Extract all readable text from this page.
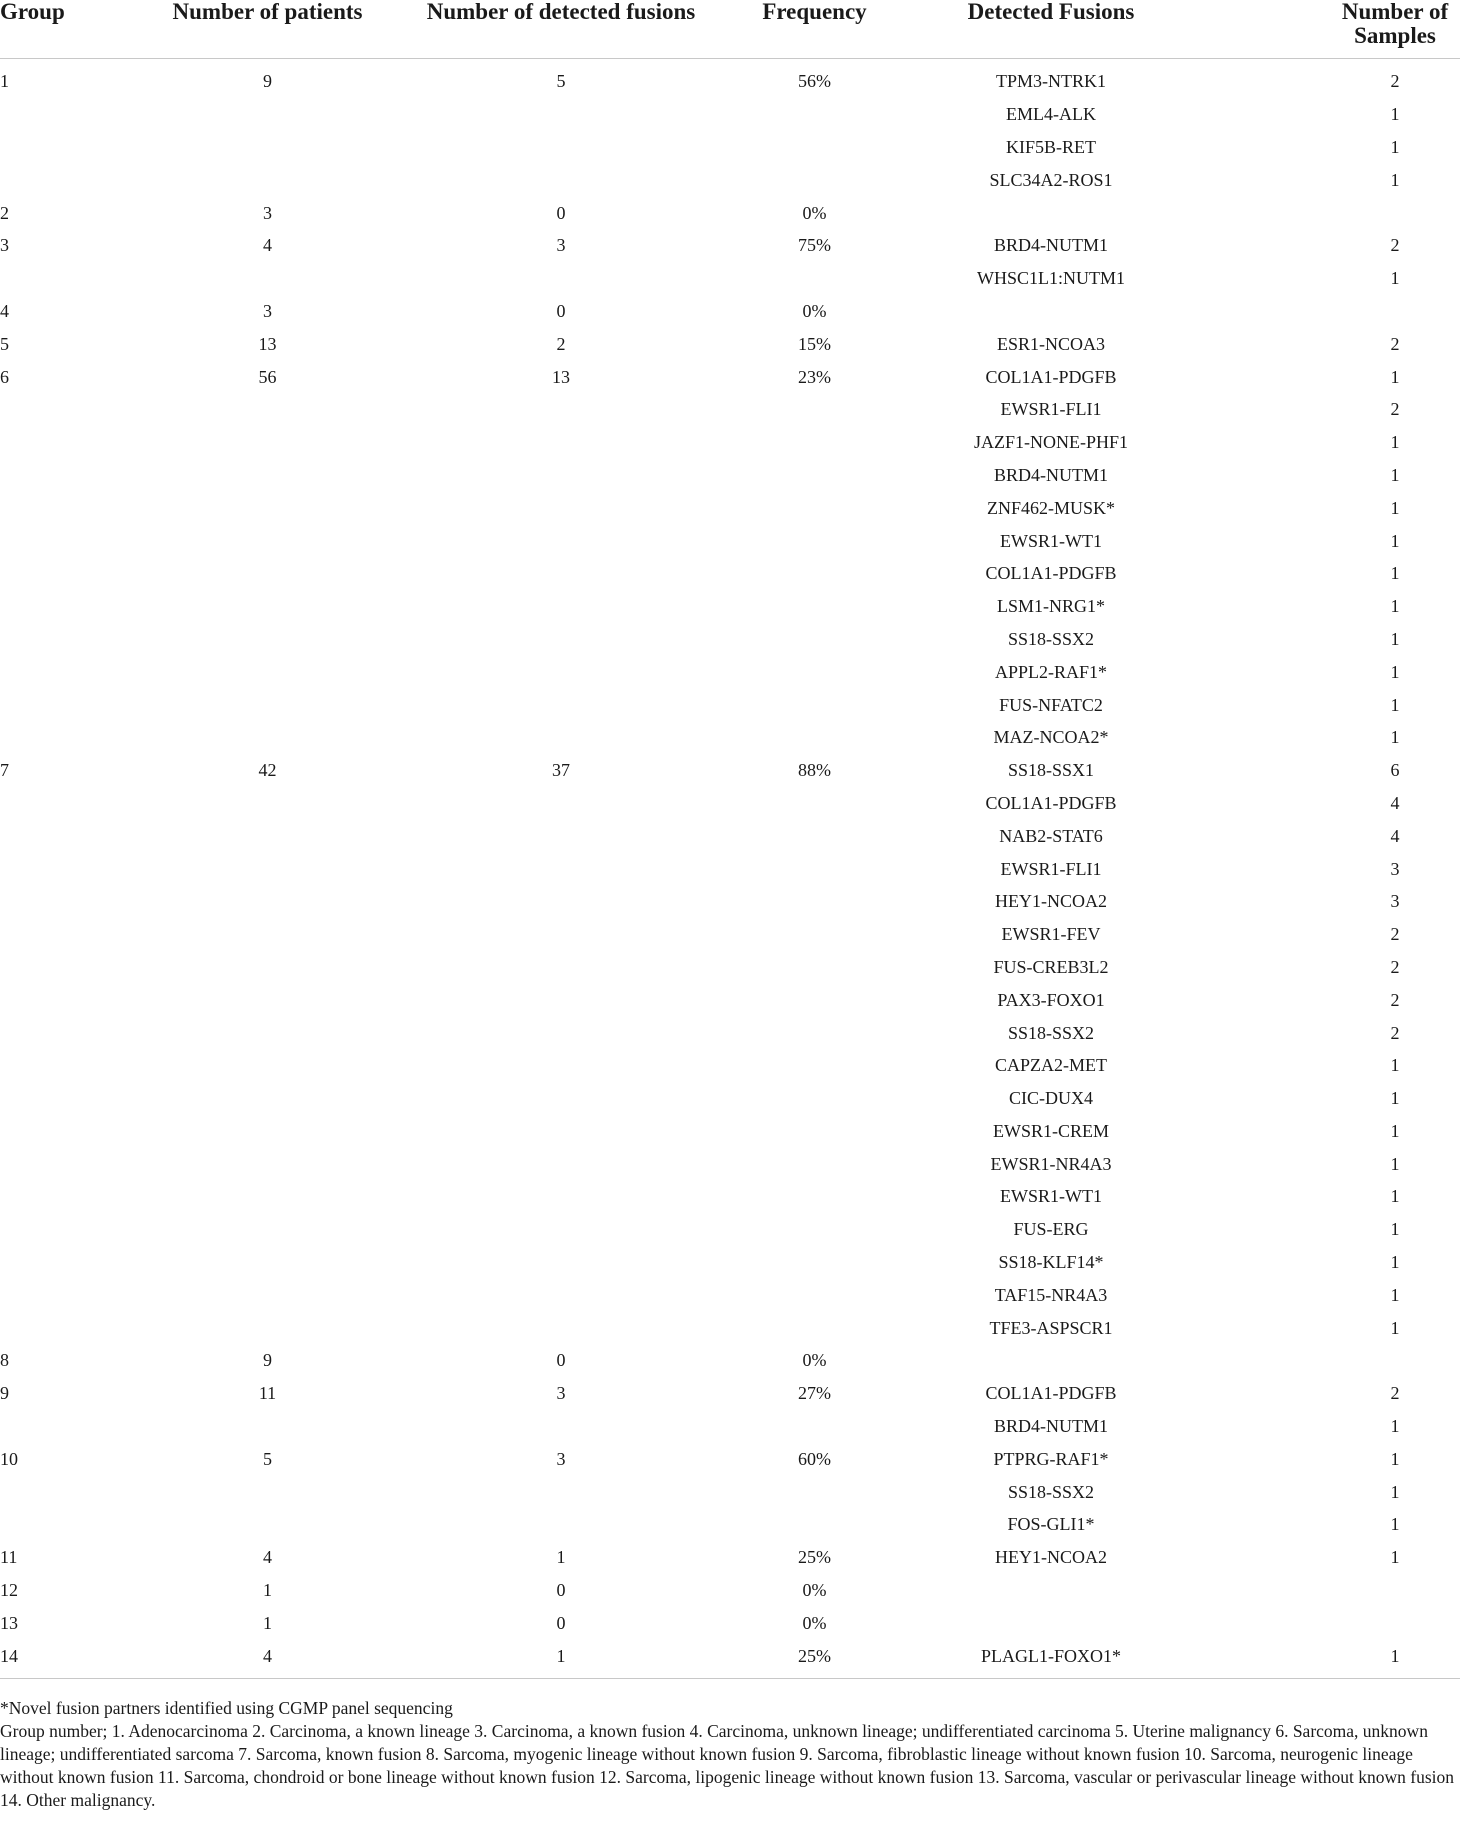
Group	Number of patients	Number of detected fusions	Frequency	Detected Fusions	Number of Samples
1	9	5	56%	TPM3-NTRK1	2
				EML4-ALK	1
				KIF5B-RET	1
				SLC34A2-ROS1	1
2	3	0	0%		
3	4	3	75%	BRD4-NUTM1	2
				WHSC1L1:NUTM1	1
4	3	0	0%		
5	13	2	15%	ESR1-NCOA3	2
6	56	13	23%	COL1A1-PDGFB	1
				EWSR1-FLI1	2
				JAZF1-NONE-PHF1	1
				BRD4-NUTM1	1
				ZNF462-MUSK*	1
				EWSR1-WT1	1
				COL1A1-PDGFB	1
				LSM1-NRG1*	1
				SS18-SSX2	1
				APPL2-RAF1*	1
				FUS-NFATC2	1
				MAZ-NCOA2*	1
7	42	37	88%	SS18-SSX1	6
				COL1A1-PDGFB	4
				NAB2-STAT6	4
				EWSR1-FLI1	3
				HEY1-NCOA2	3
				EWSR1-FEV	2
				FUS-CREB3L2	2
				PAX3-FOXO1	2
				SS18-SSX2	2
				CAPZA2-MET	1
				CIC-DUX4	1
				EWSR1-CREM	1
				EWSR1-NR4A3	1
				EWSR1-WT1	1
				FUS-ERG	1
				SS18-KLF14*	1
				TAF15-NR4A3	1
				TFE3-ASPSCR1	1
8	9	0	0%		
9	11	3	27%	COL1A1-PDGFB	2
				BRD4-NUTM1	1
10	5	3	60%	PTPRG-RAF1*	1
				SS18-SSX2	1
				FOS-GLI1*	1
11	4	1	25%	HEY1-NCOA2	1
12	1	0	0%		
13	1	0	0%		
14	4	1	25%	PLAGL1-FOXO1*	1

*Novel fusion partners identified using CGMP panel sequencing

Group number; 1. Adenocarcinoma 2. Carcinoma, a known lineage 3. Carcinoma, a known fusion 4. Carcinoma, unknown lineage; undifferentiated carcinoma 5. Uterine malignancy 6. Sarcoma, unknown lineage; undifferentiated sarcoma 7. Sarcoma, known fusion 8. Sarcoma, myogenic lineage without known fusion 9. Sarcoma, fibroblastic lineage without known fusion 10. Sarcoma, neurogenic lineage without known fusion 11. Sarcoma, chondroid or bone lineage without known fusion 12. Sarcoma, lipogenic lineage without known fusion 13. Sarcoma, vascular or perivascular lineage without known fusion 14. Other malignancy.
